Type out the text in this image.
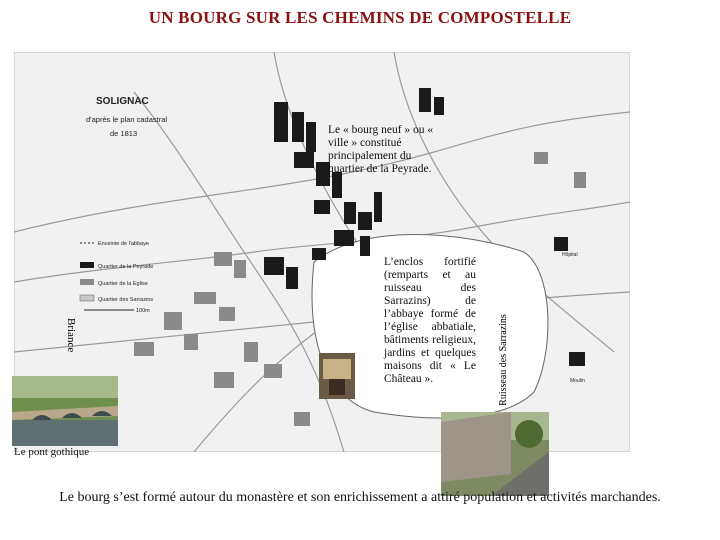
UN BOURG SUR LES CHEMINS DE COMPOSTELLE
SOLIGNAC
d'après le plan cadastral
de 1813
Enceinte de l'abbaye
Quartier de la Peyrade
Quartier de la Eglise
Quartier des Sarrazins
100m
Hôpital
Moulin
Le « bourg neuf » ou « ville » constitué principalement du quartier de la Peyrade.
L’enclos fortifié (remparts et au ruisseau des Sarrazins) de l’abbaye formé de l’église abbatiale, bâtiments religieux, jardins et quelques maisons dit « Le Château ».
Briance	Ruisseau des Sarrazins
Le pont gothique
Le bourg s’est formé autour du monastère et son enrichissement a attiré population et activités marchandes.
